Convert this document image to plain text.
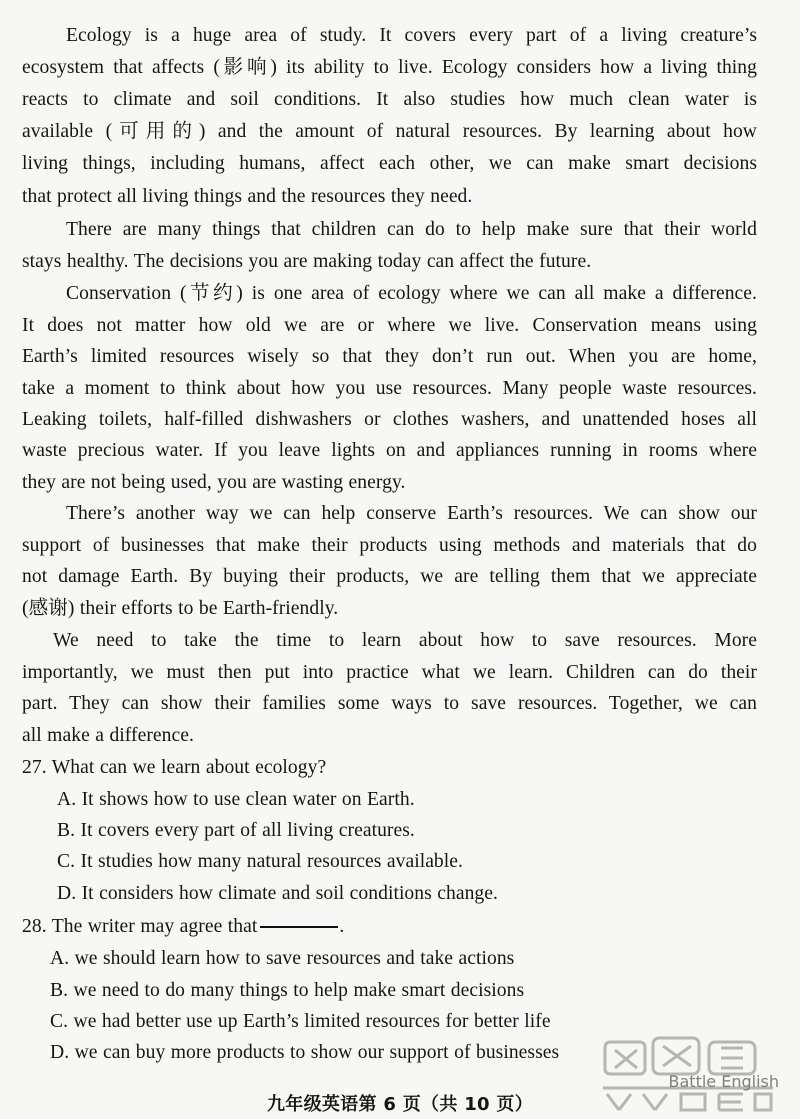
Ecology is a huge area of study. It covers every part of a living creature’s
ecosystem that affects (影响) its ability to live. Ecology considers how a living thing
reacts to climate and soil conditions. It also studies how much clean water is
available (可用的) and the amount of natural resources. By learning about how
living things, including humans, affect each other, we can make smart decisions
that protect all living things and the resources they need.
There are many things that children can do to help make sure that their world
stays healthy. The decisions you are making today can affect the future.
Conservation (节约) is one area of ecology where we can all make a difference.
It does not matter how old we are or where we live. Conservation means using
Earth’s limited resources wisely so that they don’t run out. When you are home,
take a moment to think about how you use resources. Many people waste resources.
Leaking toilets, half-filled dishwashers or clothes washers, and unattended hoses all
waste precious water. If you leave lights on and appliances running in rooms where
they are not being used, you are wasting energy.
There’s another way we can help conserve Earth’s resources. We can show our
support of businesses that make their products using methods and materials that do
not damage Earth. By buying their products, we are telling them that we appreciate
(感谢) their efforts to be Earth-friendly.
We need to take the time to learn about how to save resources. More
importantly, we must then put into practice what we learn. Children can do their
part. They can show their families some ways to save resources. Together, we can
all make a difference.
27. What can we learn about ecology?
A. It shows how to use clean water on Earth.
B. It covers every part of all living creatures.
C. It studies how many natural resources available.
D. It considers how climate and soil conditions change.
28. The writer may agree that	.
A. we should learn how to save resources and take actions
B. we need to do many things to help make smart decisions
C. we had better use up Earth’s limited resources for better life
D. we can buy more products to show our support of businesses
Battle English
九年级英语第 6 页（共 10 页）
